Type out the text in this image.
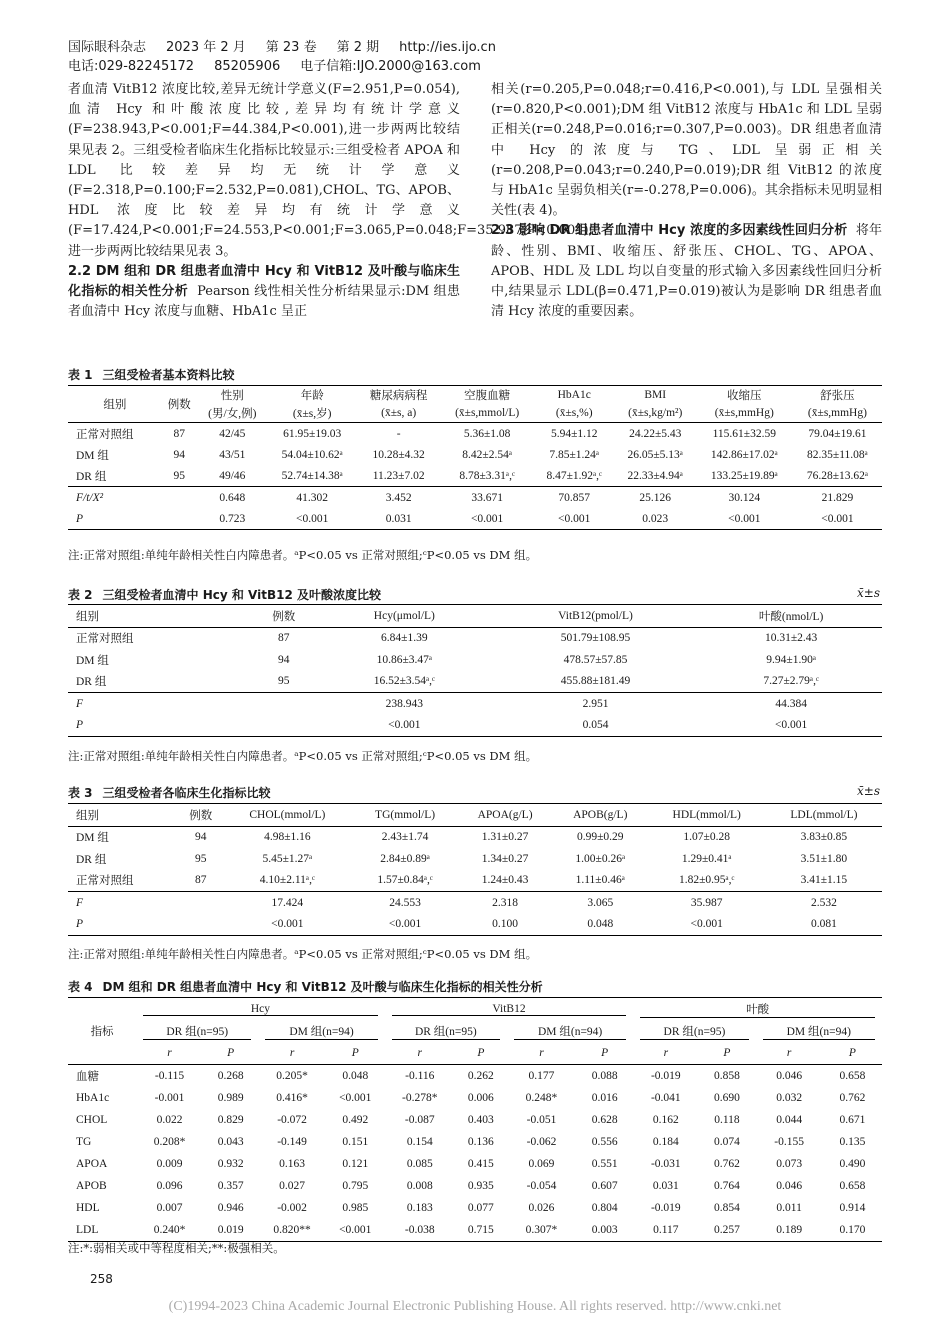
国际眼科杂志 2023 年 2 月 第 23 卷 第 2 期 http://ies.ijo.cn
电话:029-82245172 85205906 电子信箱:IJO.2000@163.com

者血清 VitB12 浓度比较,差异无统计学意义(F=2.951,P=0.054),血清 Hcy 和叶酸浓度比较,差异均有统计学意义(F=238.943,P<0.001;F=44.384,P<0.001),进一步两两比较结果见表 2。三组受检者临床生化指标比较显示:三组受检者 APOA 和 LDL 比较差异均无统计学意义(F=2.318,P=0.100;F=2.532,P=0.081),CHOL、TG、APOB、HDL 浓度比较差异均有统计学意义(F=17.424,P<0.001;F=24.553,P<0.001;F=3.065,P=0.048;F=35.987,P<0.001),进一步两两比较结果见表 3。

2.2 DM 组和 DR 组患者血清中 Hcy 和 VitB12 及叶酸与临床生化指标的相关性分析 Pearson 线性相关性分析结果显示:DM 组患者血清中 Hcy 浓度与血糖、HbA1c 呈正

相关(r=0.205,P=0.048;r=0.416,P<0.001),与 LDL 呈强相关(r=0.820,P<0.001);DM 组 VitB12 浓度与 HbA1c 和 LDL 呈弱正相关(r=0.248,P=0.016;r=0.307,P=0.003)。DR 组患者血清中 Hcy 的浓度与 TG、LDL 呈弱正相关(r=0.208,P=0.043;r=0.240,P=0.019);DR 组 VitB12 的浓度与 HbA1c 呈弱负相关(r=-0.278,P=0.006)。其余指标未见明显相关性(表 4)。

2.3 影响 DR 组患者血清中 Hcy 浓度的多因素线性回归分析 将年龄、性别、BMI、收缩压、舒张压、CHOL、TG、APOA、APOB、HDL 及 LDL 均以自变量的形式输入多因素线性回归分析中,结果显示 LDL(β=0.471,P=0.019)被认为是影响 DR 组患者血清 Hcy 浓度的重要因素。

表 1 三组受检者基本资料比较
组别	例数	性别	年龄	糖尿病病程	空腹血糖	HbA1c	BMI	收缩压	舒张压
		(男/女,例)	(x̄±s,岁)	(x̄±s, a)	(x̄±s,mmol/L)	(x̄±s,%)	(x̄±s,kg/m²)	(x̄±s,mmHg)	(x̄±s,mmHg)
正常对照组	87	42/45	61.95±19.03	-	5.36±1.08	5.94±1.12	24.22±5.43	115.61±32.59	79.04±19.61
DM 组	94	43/51	54.04±10.62ᵃ	10.28±4.32	8.42±2.54ᵃ	7.85±1.24ᵃ	26.05±5.13ᵃ	142.86±17.02ᵃ	82.35±11.08ᵃ
DR 组	95	49/46	52.74±14.38ᵃ	11.23±7.02	8.78±3.31ᵃ,ᶜ	8.47±1.92ᵃ,ᶜ	22.33±4.94ᵃ	133.25±19.89ᵃ	76.28±13.62ᵃ
F/t/X²		0.648	41.302	3.452	33.671	70.857	25.126	30.124	21.829
P		0.723	<0.001	0.031	<0.001	<0.001	0.023	<0.001	<0.001
注:正常对照组:单纯年龄相关性白内障患者。ᵃP<0.05 vs 正常对照组;ᶜP<0.05 vs DM 组。
表 2 三组受检者血清中 Hcy 和 VitB12 及叶酸浓度比较	x̄±s
组别	例数	Hcy(μmol/L)	VitB12(pmol/L)	叶酸(nmol/L)
正常对照组	87	6.84±1.39	501.79±108.95	10.31±2.43
DM 组	94	10.86±3.47ᵃ	478.57±57.85	9.94±1.90ᵃ
DR 组	95	16.52±3.54ᵃ,ᶜ	455.88±181.49	7.27±2.79ᵃ,ᶜ
F		238.943	2.951	44.384
P		<0.001	0.054	<0.001
注:正常对照组:单纯年龄相关性白内障患者。ᵃP<0.05 vs 正常对照组;ᶜP<0.05 vs DM 组。
表 3 三组受检者各临床生化指标比较	x̄±s
组别	例数	CHOL(mmol/L)	TG(mmol/L)	APOA(g/L)	APOB(g/L)	HDL(mmol/L)	LDL(mmol/L)
DM 组	94	4.98±1.16	2.43±1.74	1.31±0.27	0.99±0.29	1.07±0.28	3.83±0.85
DR 组	95	5.45±1.27ᵃ	2.84±0.89ᵃ	1.34±0.27	1.00±0.26ᵃ	1.29±0.41ᵃ	3.51±1.80
正常对照组	87	4.10±2.11ᵃ,ᶜ	1.57±0.84ᵃ,ᶜ	1.24±0.43	1.11±0.46ᵃ	1.82±0.95ᵃ,ᶜ	3.41±1.15
F		17.424	24.553	2.318	3.065	35.987	2.532
P		<0.001	<0.001	0.100	0.048	<0.001	0.081
注:正常对照组:单纯年龄相关性白内障患者。ᵃP<0.05 vs 正常对照组;ᶜP<0.05 vs DM 组。
表 4 DM 组和 DR 组患者血清中 Hcy 和 VitB12 及叶酸与临床生化指标的相关性分析
指标	Hcy				VitB12				叶酸			

	DR 组(n=95)		DM 组(n=94)		DR 组(n=95)		DM 组(n=94)		DR 组(n=95)		DM 组(n=94)	

	r	P	r	P	r	P	r	P	r	P	r	P
血糖	-0.115	0.268	0.205*	0.048	-0.116	0.262	0.177	0.088	-0.019	0.858	0.046	0.658
HbA1c	-0.001	0.989	0.416*	<0.001	-0.278*	0.006	0.248*	0.016	-0.041	0.690	0.032	0.762
CHOL	0.022	0.829	-0.072	0.492	-0.087	0.403	-0.051	0.628	0.162	0.118	0.044	0.671
TG	0.208*	0.043	-0.149	0.151	0.154	0.136	-0.062	0.556	0.184	0.074	-0.155	0.135
APOA	0.009	0.932	0.163	0.121	0.085	0.415	0.069	0.551	-0.031	0.762	0.073	0.490
APOB	0.096	0.357	0.027	0.795	0.008	0.935	-0.054	0.607	0.031	0.764	0.046	0.658
HDL	0.007	0.946	-0.002	0.985	0.183	0.077	0.026	0.804	-0.019	0.854	0.011	0.914
LDL	0.240*	0.019	0.820**	<0.001	-0.038	0.715	0.307*	0.003	0.117	0.257	0.189	0.170
注:*:弱相关或中等程度相关;**:极强相关。
258
(C)1994-2023 China Academic Journal Electronic Publishing House. All rights reserved. http://www.cnki.net
